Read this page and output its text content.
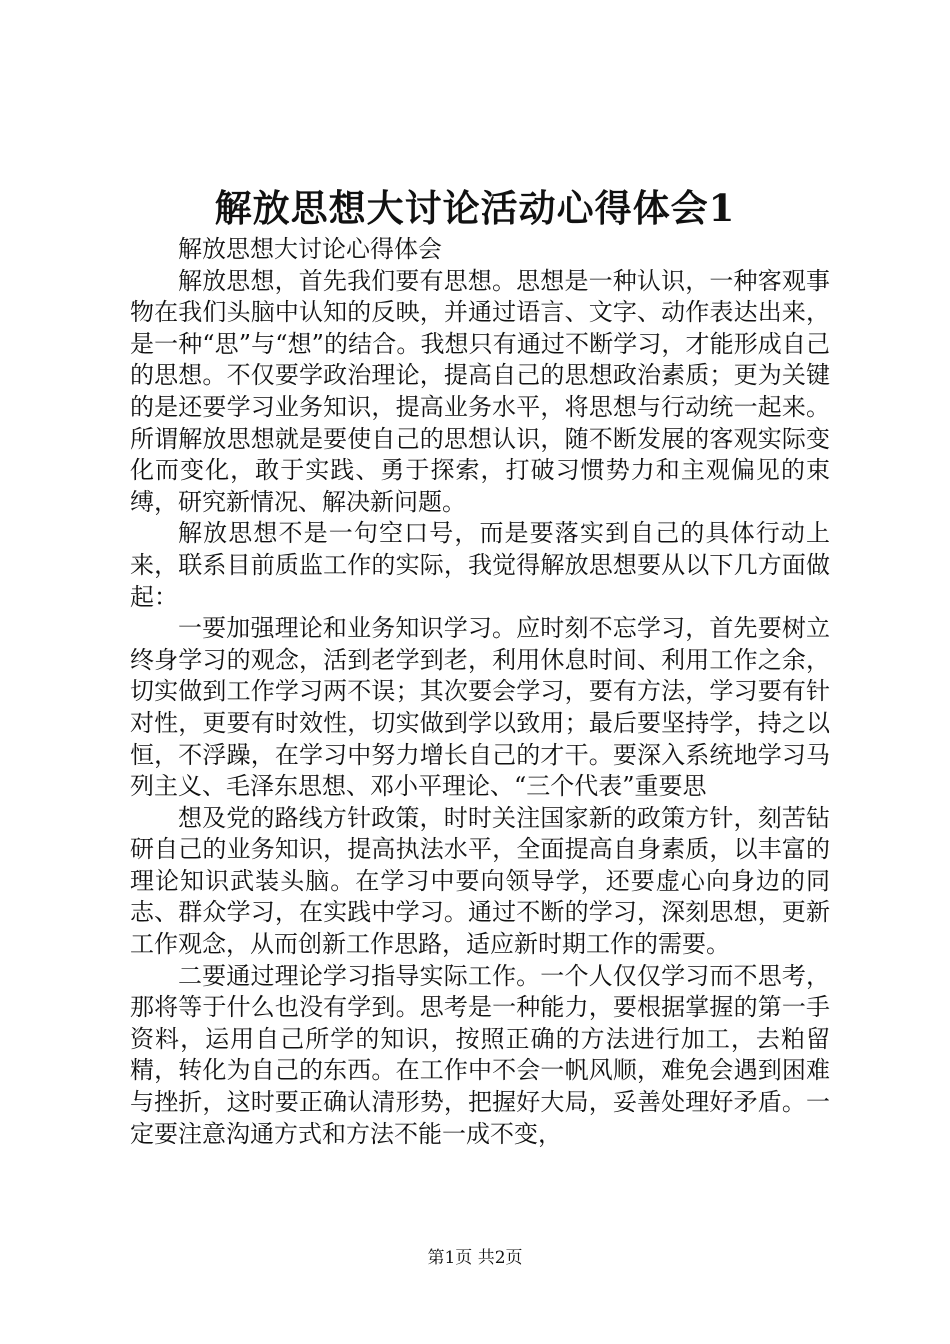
解放思想大讨论活动心得体会1

解放思想大讨论心得体会

解放思想，首先我们要有思想。思想是一种认识，一种客观事物在我们头脑中认知的反映，并通过语言、文字、动作表达出来，是一种“思”与“想”的结合。我想只有通过不断学习，才能形成自己的思想。不仅要学政治理论，提高自己的思想政治素质；更为关键的是还要学习业务知识，提高业务水平，将思想与行动统一起来。所谓解放思想就是要使自己的思想认识，随不断发展的客观实际变化而变化，敢于实践、勇于探索，打破习惯势力和主观偏见的束缚，研究新情况、解决新问题。

解放思想不是一句空口号，而是要落实到自己的具体行动上来，联系目前质监工作的实际，我觉得解放思想要从以下几方面做起：

一要加强理论和业务知识学习。应时刻不忘学习，首先要树立终身学习的观念，活到老学到老，利用休息时间、利用工作之余，切实做到工作学习两不误；其次要会学习，要有方法，学习要有针对性，更要有时效性，切实做到学以致用；最后要坚持学，持之以恒，不浮躁，在学习中努力增长自己的才干。要深入系统地学习马列主义、毛泽东思想、邓小平理论、“三个代表”重要思

想及党的路线方针政策，时时关注国家新的政策方针，刻苦钻研自己的业务知识，提高执法水平，全面提高自身素质，以丰富的理论知识武装头脑。在学习中要向领导学，还要虚心向身边的同志、群众学习，在实践中学习。通过不断的学习，深刻思想，更新工作观念，从而创新工作思路，适应新时期工作的需要。

二要通过理论学习指导实际工作。一个人仅仅学习而不思考，那将等于什么也没有学到。思考是一种能力，要根据掌握的第一手资料，运用自己所学的知识，按照正确的方法进行加工，去粕留精，转化为自己的东西。在工作中不会一帆风顺，难免会遇到困难与挫折，这时要正确认清形势，把握好大局，妥善处理好矛盾。一定要注意沟通方式和方法不能一成不变，

第1页 共2页
